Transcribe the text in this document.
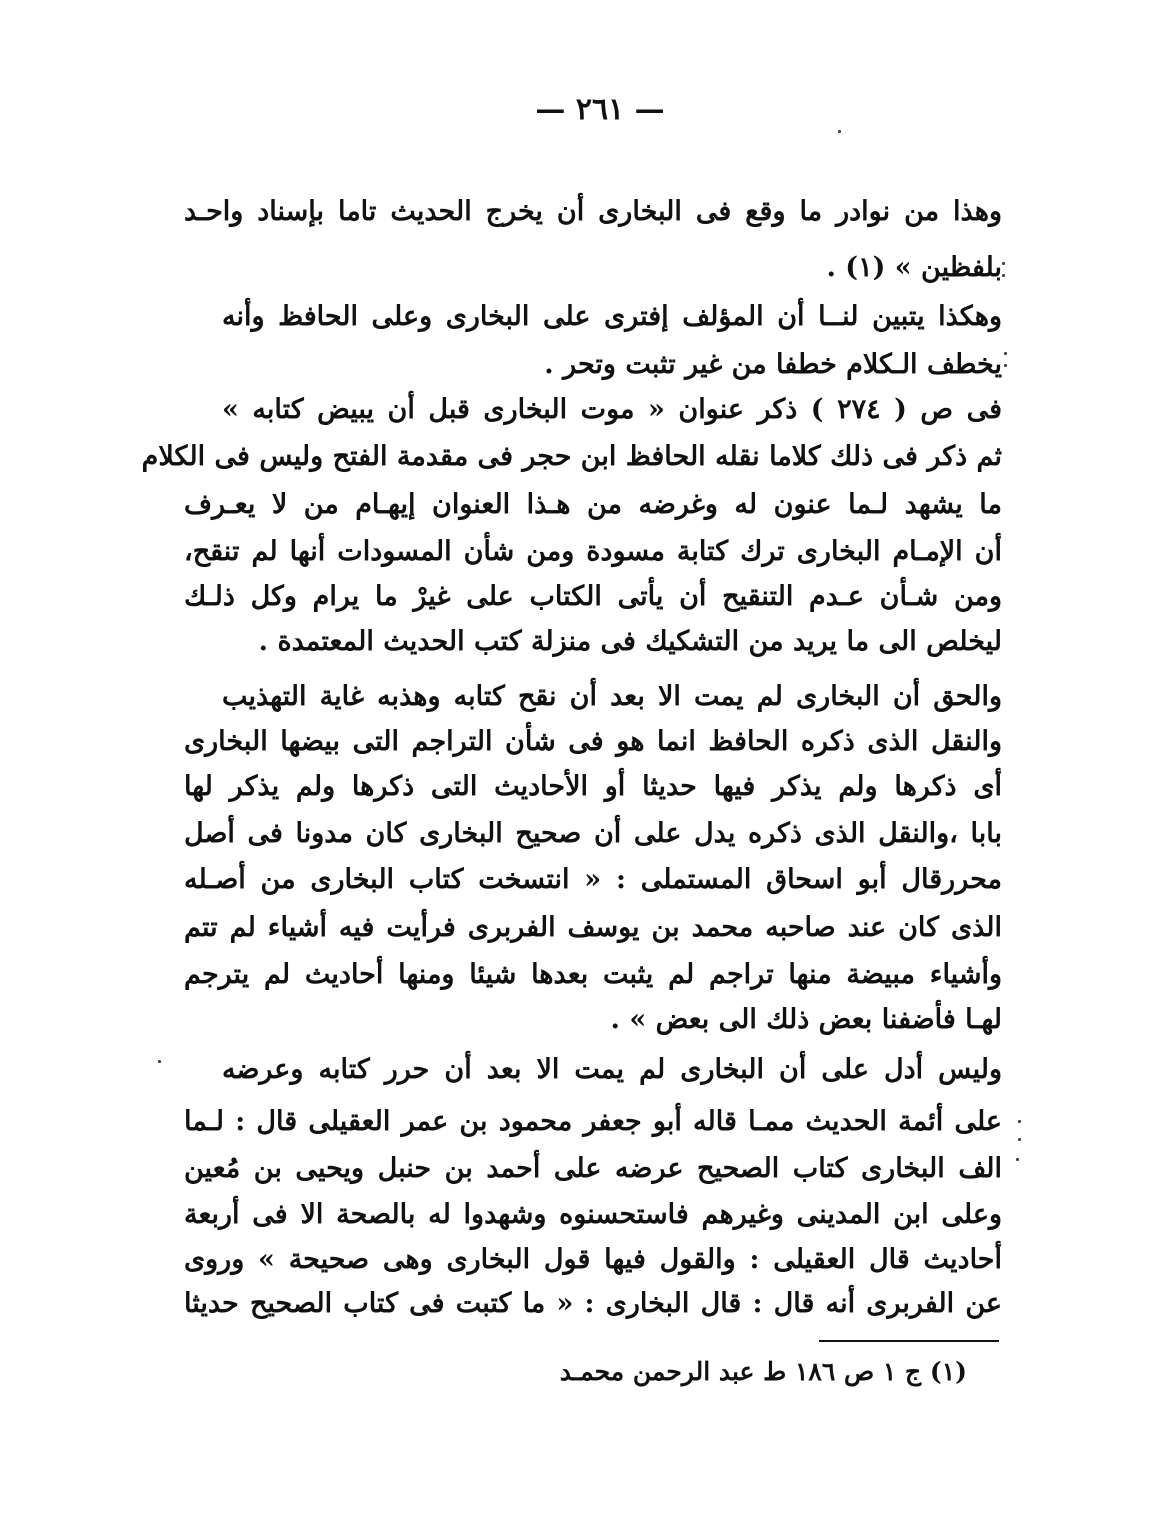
— ٢٦١ —
وهذا من نوادر ما وقع فى البخارى أن يخرج الحديث تاما بإسناد واحـد
بلفظين » (١) .
وهكذا يتبين لنــا أن المؤلف إفترى على البخارى وعلى الحافظ وأنه
يخطف الـكلام خطفا من غير تثبت وتحر .
فى ص ( ٢٧٤ ) ذكر عنوان « موت البخارى قبل أن يبيض كتابه »
ثم ذكر فى ذلك كلاما نقله الحافظ ابن حجر فى مقدمة الفتح وليس فى الكلام
ما يشهد لـما عنون له وغرضه من هـذا العنوان إيهـام من لا يعـرف
أن الإمـام البخارى ترك كتابة مسودة ومن شأن المسودات أنها لم تنقح،
ومن شـأن عـدم التنقيح أن يأتى الكتاب على غيرْ ما يرام وكل ذلـك
ليخلص الى ما يريد من التشكيك فى منزلة كتب الحديث المعتمدة .
والحق أن البخارى لم يمت الا بعد أن نقح كتابه وهذبه غاية التهذيب
والنقل الذى ذكره الحافظ انما هو فى شأن التراجم التى بيضها البخارى
أى ذكرها ولم يذكر فيها حديثا أو الأحاديث التى ذكرها ولم يذكر لها
بابا ،والنقل الذى ذكره يدل على أن صحيح البخارى كان مدونا فى أصل
محررقال أبو اسحاق المستملى : « انتسخت كتاب البخارى من أصـله
الذى كان عند صاحبه محمد بن يوسف الفربرى فرأيت فيه أشياء لم تتم
وأشياء مبيضة منها تراجم لم يثبت بعدها شيئا ومنها أحاديث لم يترجم
لهـا فأضفنا بعض ذلك الى بعض » .
وليس أدل على أن البخارى لم يمت الا بعد أن حرر كتابه وعرضه
على أئمة الحديث ممـا قاله أبو جعفر محمود بن عمر العقيلى قال : لـما
الف البخارى كتاب الصحيح عرضه على أحمد بن حنبل ويحيى بن مُعين
وعلى ابن المدينى وغيرهم فاستحسنوه وشهدوا له بالصحة الا فى أربعة
أحاديث قال العقيلى : والقول فيها قول البخارى وهى صحيحة » وروى
عن الفربرى أنه قال : قال البخارى : « ما كتبت فى كتاب الصحيح حديثا
(١) ج ١ ص ١٨٦ ط عبد الرحمن محمـد
